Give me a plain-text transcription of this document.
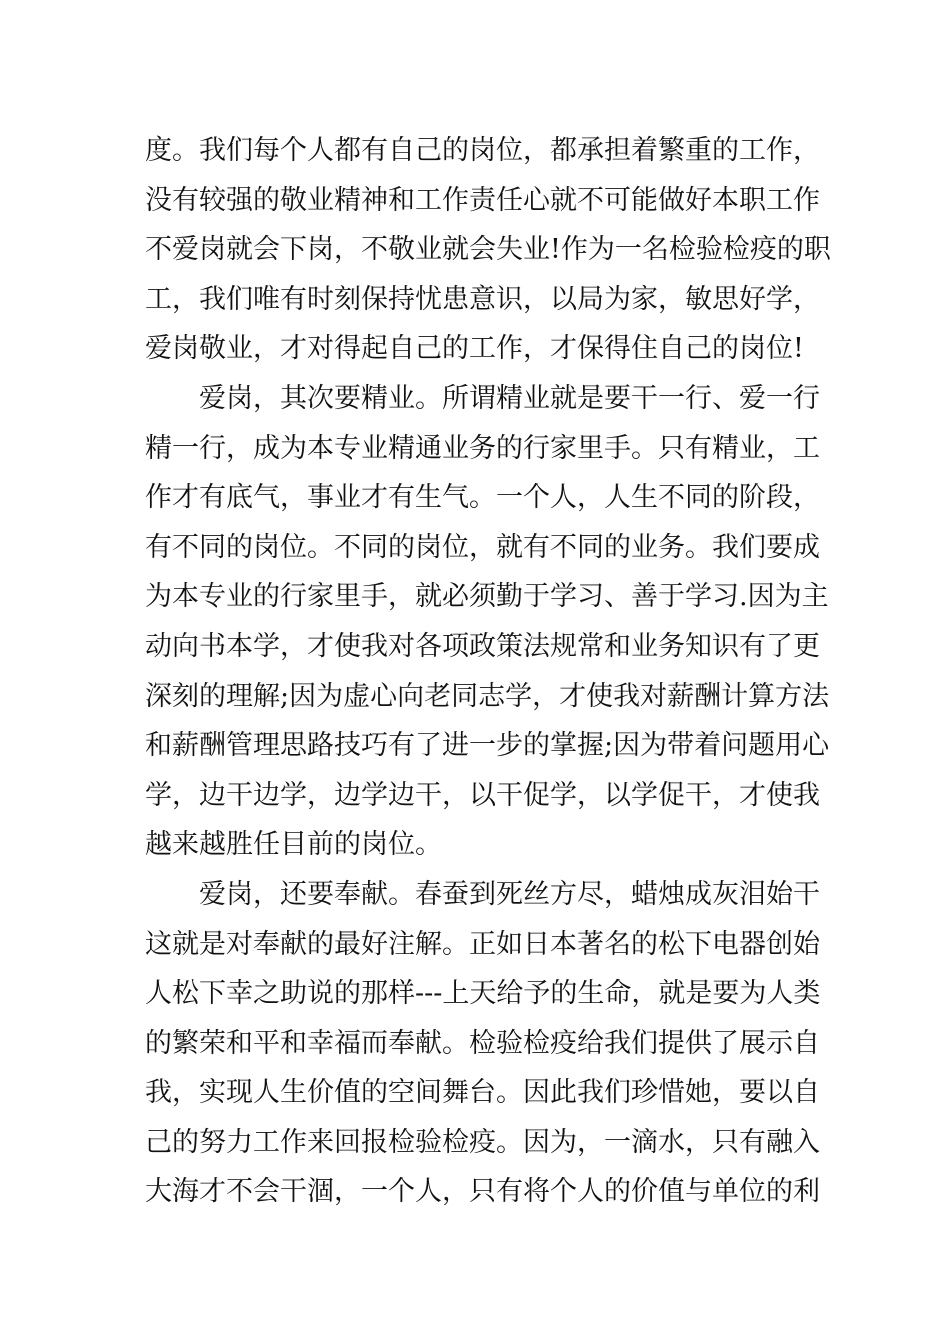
度。我们每个人都有自己的岗位，都承担着繁重的工作，
没有较强的敬业精神和工作责任心就不可能做好本职工作
不爱岗就会下岗，不敬业就会失业!作为一名检验检疫的职
工，我们唯有时刻保持忧患意识，以局为家，敏思好学，
爱岗敬业，才对得起自己的工作，才保得住自己的岗位!
　　爱岗，其次要精业。所谓精业就是要干一行、爱一行
精一行，成为本专业精通业务的行家里手。只有精业，工
作才有底气，事业才有生气。一个人，人生不同的阶段，
有不同的岗位。不同的岗位，就有不同的业务。我们要成
为本专业的行家里手，就必须勤于学习、善于学习.因为主
动向书本学，才使我对各项政策法规常和业务知识有了更
深刻的理解;因为虚心向老同志学，才使我对薪酬计算方法
和薪酬管理思路技巧有了进一步的掌握;因为带着问题用心
学，边干边学，边学边干，以干促学，以学促干，才使我
越来越胜任目前的岗位。
　　爱岗，还要奉献。春蚕到死丝方尽，蜡烛成灰泪始干
这就是对奉献的最好注解。正如日本著名的松下电器创始
人松下幸之助说的那样---上天给予的生命，就是要为人类
的繁荣和平和幸福而奉献。检验检疫给我们提供了展示自
我，实现人生价值的空间舞台。因此我们珍惜她，要以自
己的努力工作来回报检验检疫。因为，一滴水，只有融入
大海才不会干涸，一个人，只有将个人的价值与单位的利
